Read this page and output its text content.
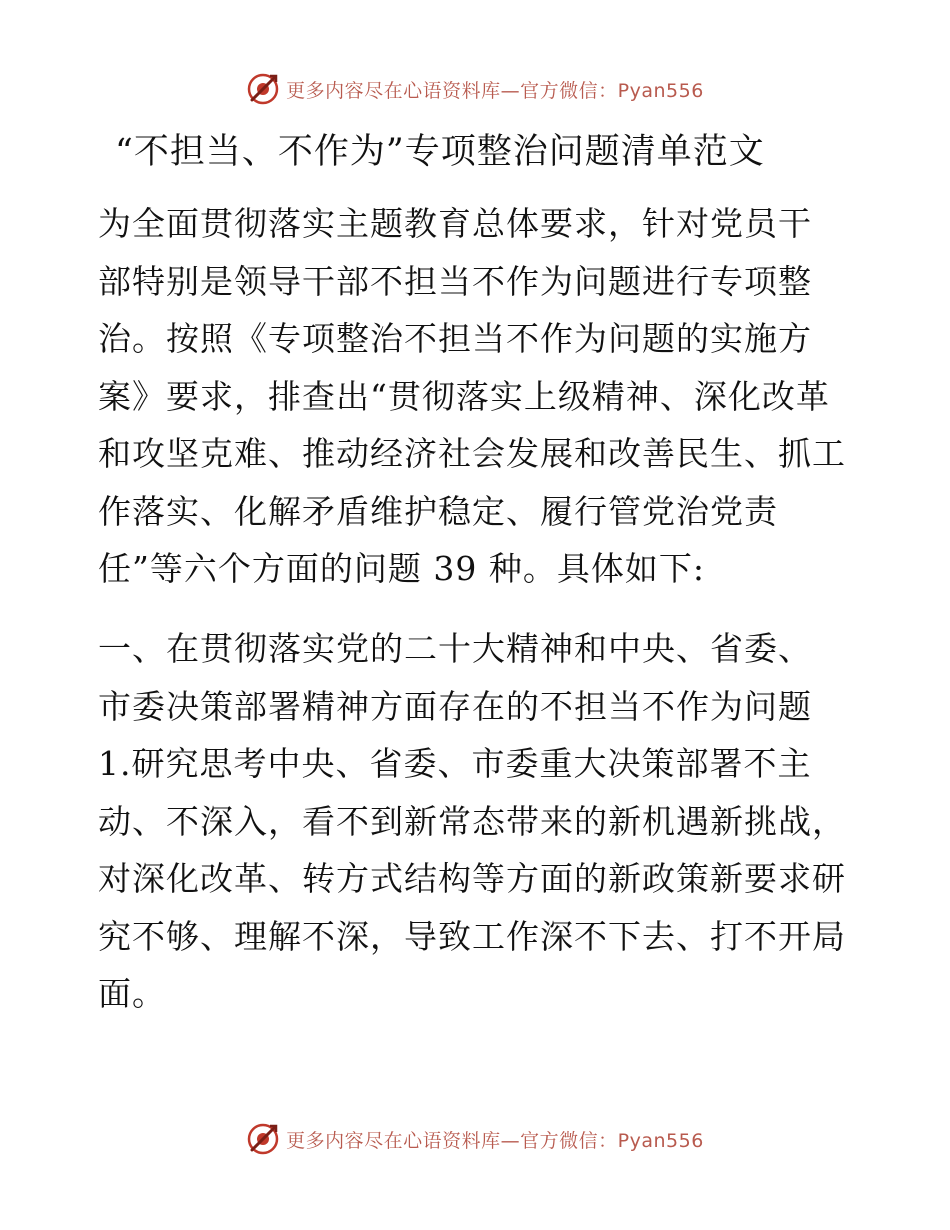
更多内容尽在心语资料库—官方微信：Pyan556
“不担当、不作为”专项整治问题清单范文

为全面贯彻落实主题教育总体要求，针对党员干
部特别是领导干部不担当不作为问题进行专项整
治。按照《专项整治不担当不作为问题的实施方
案》要求，排查出“贯彻落实上级精神、深化改革
和攻坚克难、推动经济社会发展和改善民生、抓工
作落实、化解矛盾维护稳定、履行管党治党责
任”等六个方面的问题 39 种。具体如下:

一、在贯彻落实党的二十大精神和中央、省委、
市委决策部署精神方面存在的不担当不作为问题

1.研究思考中央、省委、市委重大决策部署不主
动、不深入，看不到新常态带来的新机遇新挑战，
对深化改革、转方式结构等方面的新政策新要求研
究不够、理解不深，导致工作深不下去、打不开局
面。

更多内容尽在心语资料库—官方微信：Pyan556
